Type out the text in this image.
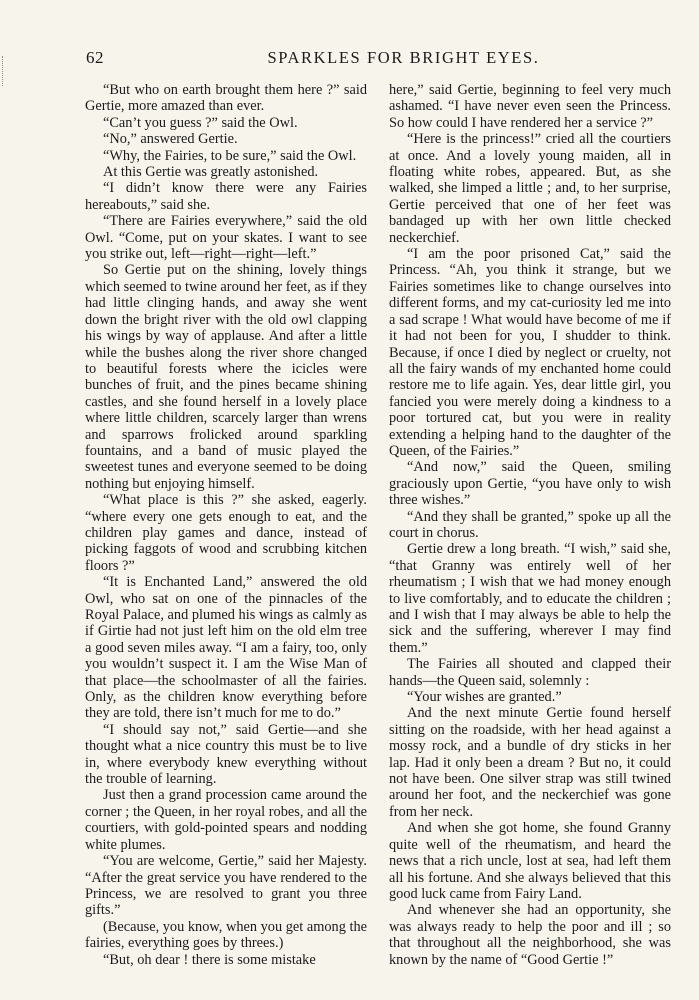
62	SPARKLES FOR BRIGHT EYES.

“But who on earth brought them here ?” said Gertie, more amazed than ever.

“Can’t you guess ?” said the Owl.

“No,” answered Gertie.

“Why, the Fairies, to be sure,” said the Owl.

At this Gertie was greatly astonished.

“I didn’t know there were any Fairies hereabouts,” said she.

“There are Fairies everywhere,” said the old Owl. “Come, put on your skates. I want to see you strike out, left—right—right—left.”

So Gertie put on the shining, lovely things which seemed to twine around her feet, as if they had little clinging hands, and away she went down the bright river with the old owl clapping his wings by way of applause. And after a little while the bushes along the river shore changed to beautiful forests where the icicles were bunches of fruit, and the pines became shining castles, and she found herself in a lovely place where little children, scarcely larger than wrens and sparrows frolicked around sparkling fountains, and a band of music played the sweetest tunes and everyone seemed to be doing nothing but enjoying himself.

“What place is this ?” she asked, eagerly. “where every one gets enough to eat, and the children play games and dance, instead of picking faggots of wood and scrubbing kitchen floors ?”

“It is Enchanted Land,” answered the old Owl, who sat on one of the pinnacles of the Royal Palace, and plumed his wings as calmly as if Girtie had not just left him on the old elm tree a good seven miles away. “I am a fairy, too, only you wouldn’t suspect it. I am the Wise Man of that place—the schoolmaster of all the fairies. Only, as the children know everything before they are told, there isn’t much for me to do.”

“I should say not,” said Gertie—and she thought what a nice country this must be to live in, where everybody knew everything without the trouble of learning.

Just then a grand procession came around the corner ; the Queen, in her royal robes, and all the courtiers, with gold-pointed spears and nodding white plumes.

“You are welcome, Gertie,” said her Majesty. “After the great service you have rendered to the Princess, we are resolved to grant you three gifts.”

(Because, you know, when you get among the fairies, everything goes by threes.)

“But, oh dear ! there is some mistake

here,” said Gertie, beginning to feel very much ashamed. “I have never even seen the Princess. So how could I have rendered her a service ?”

“Here is the princess!” cried all the courtiers at once. And a lovely young maiden, all in floating white robes, appeared. But, as she walked, she limped a little ; and, to her surprise, Gertie perceived that one of her feet was bandaged up with her own little checked neckerchief.

“I am the poor prisoned Cat,” said the Princess. “Ah, you think it strange, but we Fairies sometimes like to change ourselves into different forms, and my cat-curiosity led me into a sad scrape ! What would have become of me if it had not been for you, I shudder to think. Because, if once I died by neglect or cruelty, not all the fairy wands of my enchanted home could restore me to life again. Yes, dear little girl, you fancied you were merely doing a kindness to a poor tortured cat, but you were in reality extending a helping hand to the daughter of the Queen, of the Fairies.”

“And now,” said the Queen, smiling graciously upon Gertie, “you have only to wish three wishes.”

“And they shall be granted,” spoke up all the court in chorus.

Gertie drew a long breath. “I wish,” said she, “that Granny was entirely well of her rheumatism ; I wish that we had money enough to live comfortably, and to educate the children ; and I wish that I may always be able to help the sick and the suffering, wherever I may find them.”

The Fairies all shouted and clapped their hands—the Queen said, solemnly :

“Your wishes are granted.”

And the next minute Gertie found herself sitting on the roadside, with her head against a mossy rock, and a bundle of dry sticks in her lap. Had it only been a dream ? But no, it could not have been. One silver strap was still twined around her foot, and the neckerchief was gone from her neck.

And when she got home, she found Granny quite well of the rheumatism, and heard the news that a rich uncle, lost at sea, had left them all his fortune. And she always believed that this good luck came from Fairy Land.

And whenever she had an opportunity, she was always ready to help the poor and ill ; so that throughout all the neighborhood, she was known by the name of “Good Gertie !”
